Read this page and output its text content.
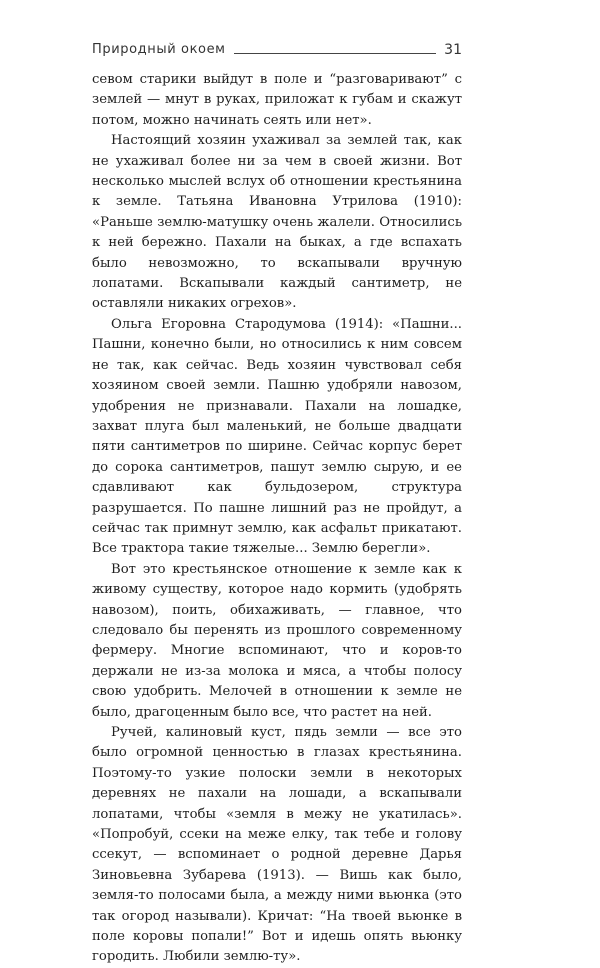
Природный окоем	31

севом старики выйдут в поле и “разговаривают” с землей — мнут в руках, приложат к губам и скажут потом, можно начинать сеять или нет».

Настоящий хозяин ухаживал за землей так, как не ухаживал более ни за чем в своей жизни. Вот несколько мыслей вслух об отношении крестьянина к земле. Татьяна Ивановна Утрилова (1910): «Раньше землю-матушку очень жалели. Относились к ней бережно. Пахали на быках, а где вспахать было невозможно, то вскапывали вручную лопатами. Вскапывали каждый сантиметр, не оставляли никаких огрехов».

Ольга Егоровна Стародумова (1914): «Пашни... Пашни, конечно были, но относились к ним совсем не так, как сейчас. Ведь хозяин чувствовал себя хозяином своей земли. Пашню удобряли навозом, удобрения не признавали. Пахали на лошадке, захват плуга был маленький, не больше двадцати пяти сантиметров по ширине. Сейчас корпус берет до сорока сантиметров, пашут землю сырую, и ее сдавливают как бульдозером, структура разрушается. По пашне лишний раз не пройдут, а сейчас так примнут землю, как асфальт прикатают. Все трактора такие тяжелые... Землю берегли».

Вот это крестьянское отношение к земле как к живому существу, которое надо кормить (удобрять навозом), поить, обихаживать, — главное, что следовало бы перенять из прошлого современному фермеру. Многие вспоминают, что и коров-то держали не из-за молока и мяса, а чтобы полосу свою удобрить. Мелочей в отношении к земле не было, драгоценным было все, что растет на ней.

Ручей, калиновый куст, пядь земли — все это было огромной ценностью в глазах крестьянина. Поэтому-то узкие полоски земли в некоторых деревнях не пахали на лошади, а вскапывали лопатами, чтобы «земля в межу не укатилась». «Попробуй, ссеки на меже елку, так тебе и голову ссекут, — вспоминает о родной деревне Дарья Зиновьевна Зубарева (1913). — Вишь как было, земля-то полосами была, а между ними вьюнка (это так огород называли). Кричат: “На твоей вьюнке в поле коровы попали!” Вот и идешь опять вьюнку городить. Любили землю-ту».
